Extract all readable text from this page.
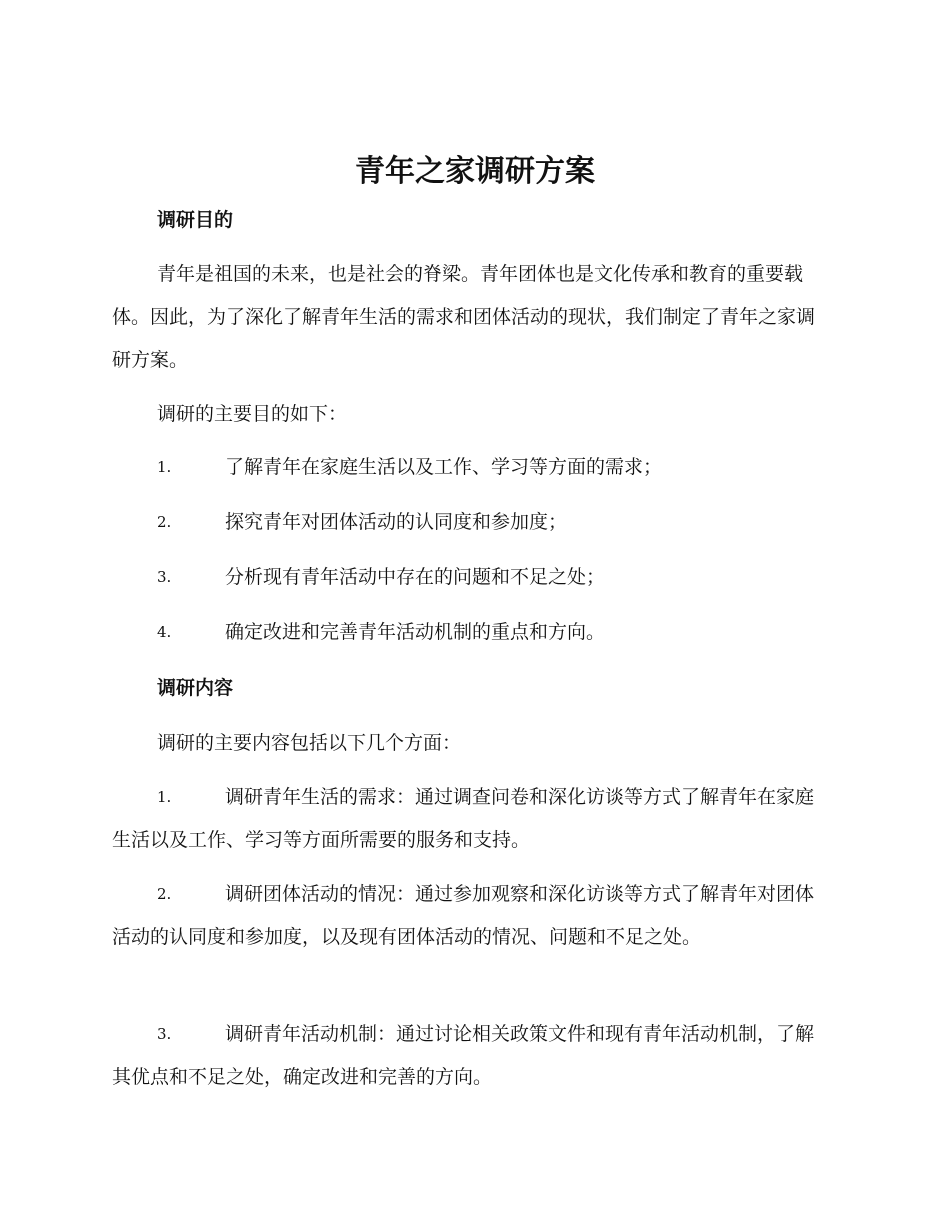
青年之家调研方案
调研目的

青年是祖国的未来，也是社会的脊梁。青年团体也是文化传承和教育的重要载体。因此，为了深化了解青年生活的需求和团体活动的现状，我们制定了青年之家调研方案。

调研的主要目的如下：

1.	了解青年在家庭生活以及工作、学习等方面的需求；
2.	探究青年对团体活动的认同度和参加度；
3.	分析现有青年活动中存在的问题和不足之处；
4.	确定改进和完善青年活动机制的重点和方向。
调研内容

调研的主要内容包括以下几个方面：

1.	调研青年生活的需求：通过调查问卷和深化访谈等方式了解青年在家庭生活以及工作、学习等方面所需要的服务和支持。
2.	调研团体活动的情况：通过参加观察和深化访谈等方式了解青年对团体活动的认同度和参加度，以及现有团体活动的情况、问题和不足之处。
3.	调研青年活动机制：通过讨论相关政策文件和现有青年活动机制，了解其优点和不足之处，确定改进和完善的方向。
